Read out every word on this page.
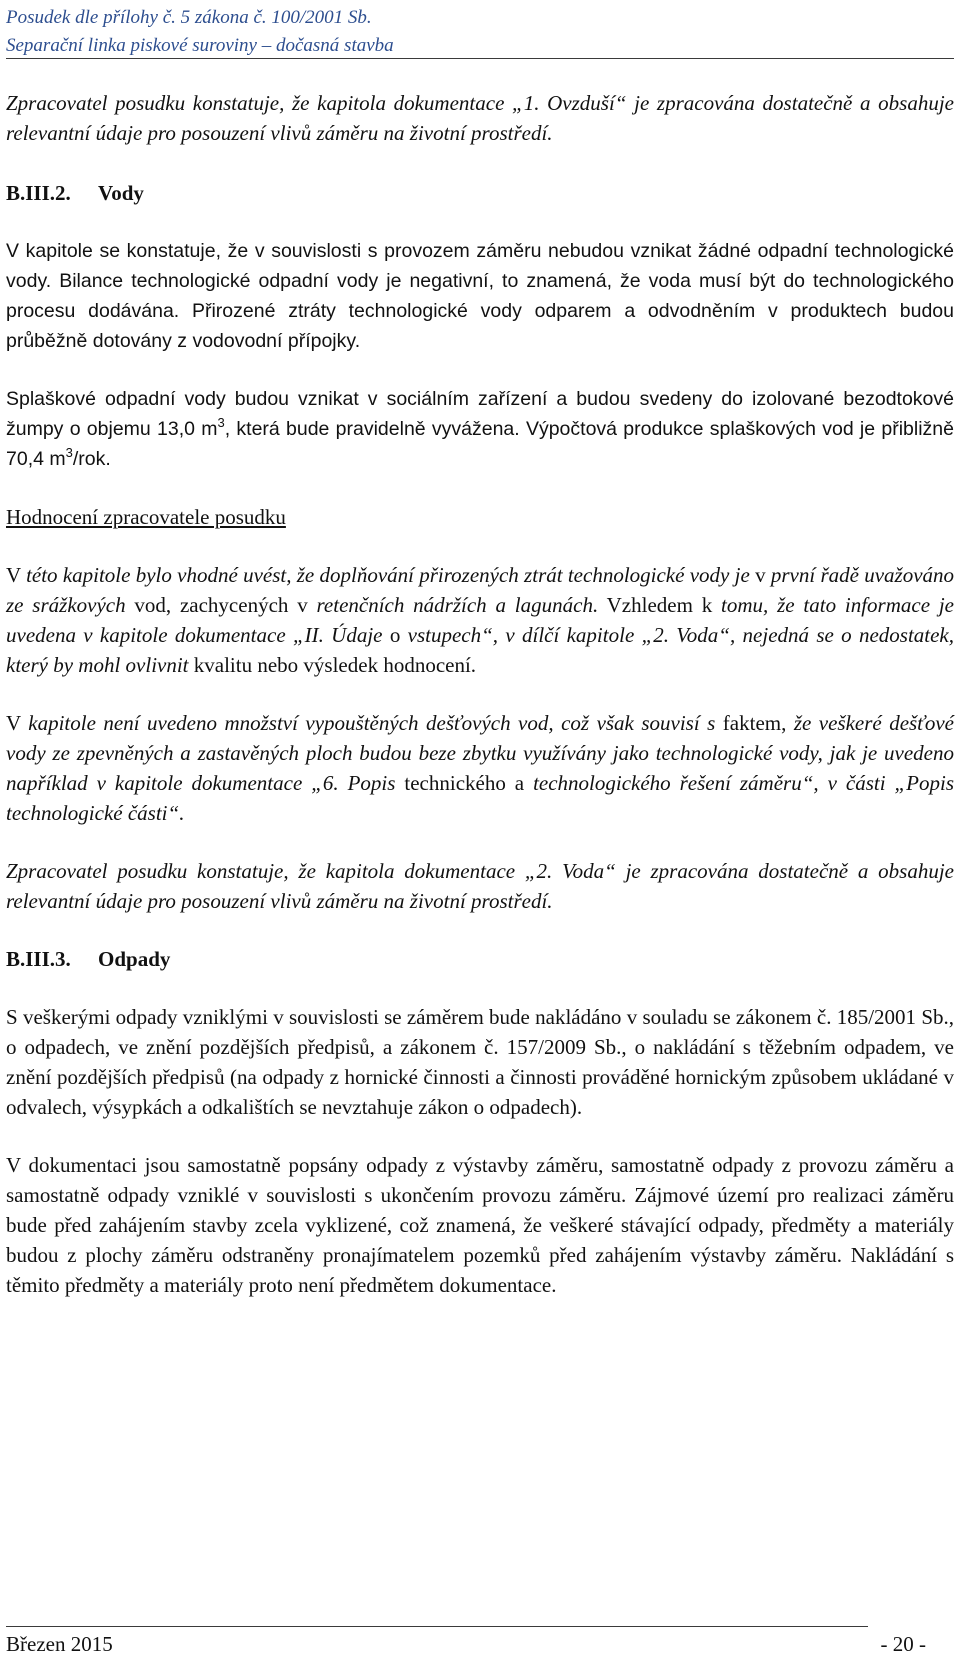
Posudek dle přílohy č. 5 zákona č. 100/2001 Sb.
Separační linka piskové suroviny – dočasná stavba

Zpracovatel posudku konstatuje, že kapitola dokumentace „1. Ovzduší“ je zpracována dostatečně a obsahuje relevantní údaje pro posouzení vlivů záměru na životní prostředí.

B.III.2. Vody

V kapitole se konstatuje, že v souvislosti s provozem záměru nebudou vznikat žádné odpadní technologické vody. Bilance technologické odpadní vody je negativní, to znamená, že voda musí být do technologického procesu dodávána. Přirozené ztráty technologické vody odparem a odvodněním v produktech budou průběžně dotovány z vodovodní přípojky.

Splaškové odpadní vody budou vznikat v sociálním zařízení a budou svedeny do izolované bezodtokové žumpy o objemu 13,0 $m^3$, která bude pravidelně vyvážena. Výpočtová produkce splaškových vod je přibližně 70,4 $m^3$/rok.

Hodnocení zpracovatele posudku

V této kapitole bylo vhodné uvést, že doplňování přirozených ztrát technologické vody je v první řadě uvažováno ze srážkových vod, zachycených v retenčních nádržích a lagunách. Vzhledem k tomu, že tato informace je uvedena v kapitole dokumentace „II. Údaje o vstupech“, v dílčí kapitole „2. Voda“, nejedná se o nedostatek, který by mohl ovlivnit kvalitu nebo výsledek hodnocení.

V kapitole není uvedeno množství vypouštěných dešťových vod, což však souvisí s faktem, že veškeré dešťové vody ze zpevněných a zastavěných ploch budou beze zbytku využívány jako technologické vody, jak je uvedeno například v kapitole dokumentace „6. Popis technického a technologického řešení záměru“, v části „Popis technologické části“.

Zpracovatel posudku konstatuje, že kapitola dokumentace „2. Voda“ je zpracována dostatečně a obsahuje relevantní údaje pro posouzení vlivů záměru na životní prostředí.

B.III.3. Odpady

S veškerými odpady vzniklými v souvislosti se záměrem bude nakládáno v souladu se zákonem č. 185/2001 Sb., o odpadech, ve znění pozdějších předpisů, a zákonem č. 157/2009 Sb., o nakládání s těžebním odpadem, ve znění pozdějších předpisů (na odpady z hornické činnosti a činnosti prováděné hornickým způsobem ukládané v odvalech, výsypkách a odkalištích se nevztahuje zákon o odpadech).

V dokumentaci jsou samostatně popsány odpady z výstavby záměru, samostatně odpady z provozu záměru a samostatně odpady vzniklé v souvislosti s ukončením provozu záměru. Zájmové území pro realizaci záměru bude před zahájením stavby zcela vyklizené, což znamená, že veškeré stávající odpady, předměty a materiály budou z plochy záměru odstraněny pronajímatelem pozemků před zahájením výstavby záměru. Nakládání s těmito předměty a materiály proto není předmětem dokumentace.

Březen 2015	- 20 -
